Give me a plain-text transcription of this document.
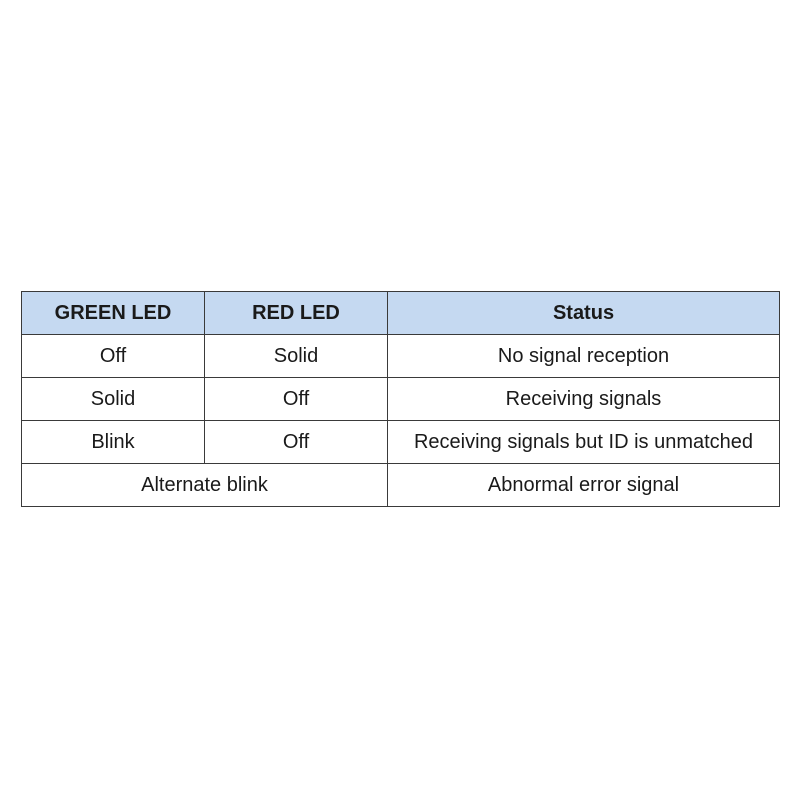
GREEN LED	RED LED	Status
Off	Solid	No signal reception
Solid	Off	Receiving signals
Blink	Off	Receiving signals but ID is unmatched
Alternate blink		Abnormal error signal
